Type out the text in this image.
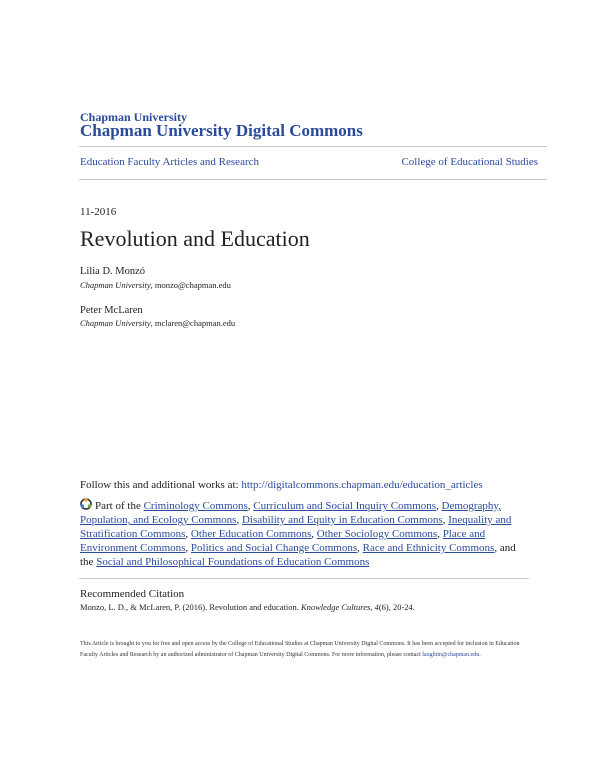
Chapman University
Chapman University Digital Commons
Education Faculty Articles and Research	College of Educational Studies
11-2016
Revolution and Education
Lilia D. Monzó
Chapman University, monzo@chapman.edu
Peter McLaren
Chapman University, mclaren@chapman.edu
Follow this and additional works at: http://digitalcommons.chapman.edu/education_articles
Part of the Criminology Commons, Curriculum and Social Inquiry Commons, Demography, Population, and Ecology Commons, Disability and Equity in Education Commons, Inequality and Stratification Commons, Other Education Commons, Other Sociology Commons, Place and Environment Commons, Politics and Social Change Commons, Race and Ethnicity Commons, and the Social and Philosophical Foundations of Education Commons
Recommended Citation
Monzo, L. D., & McLaren, P. (2016). Revolution and education. Knowledge Cultures, 4(6), 20-24.
This Article is brought to you for free and open access by the College of Educational Studies at Chapman University Digital Commons. It has been accepted for inclusion in Education Faculty Articles and Research by an authorized administrator of Chapman University Digital Commons. For more information, please contact laughtin@chapman.edu.
